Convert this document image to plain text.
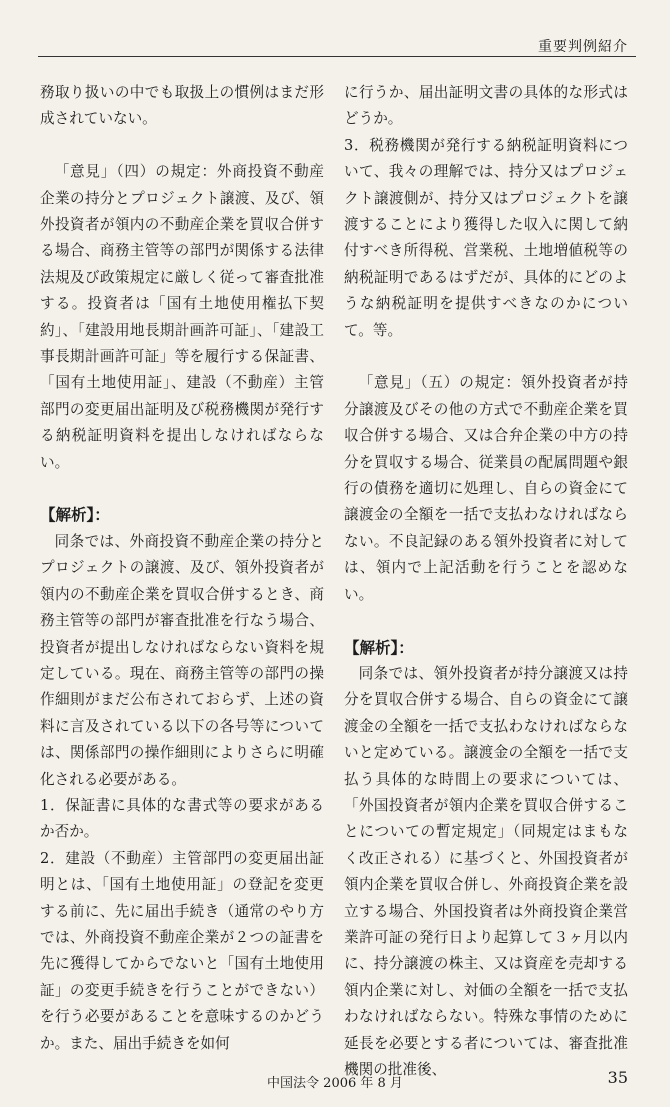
重要判例紹介

務取り扱いの中でも取扱上の慣例はまだ形成されていない。

「意見」（四）の規定：外商投資不動産企業の持分とプロジェクト譲渡、及び、領外投資者が領内の不動産企業を買収合併する場合、商務主管等の部門が関係する法律法規及び政策規定に厳しく従って審査批准する。投資者は「国有土地使用権払下契約」、「建設用地長期計画許可証」、「建設工事長期計画許可証」等を履行する保証書、「国有土地使用証」、建設（不動産）主管部門の変更届出証明及び税務機関が発行する納税証明資料を提出しなければならない。

【解析】：

同条では、外商投資不動産企業の持分とプロジェクトの譲渡、及び、領外投資者が領内の不動産企業を買収合併するとき、商務主管等の部門が審査批准を行なう場合、投資者が提出しなければならない資料を規定している。現在、商務主管等の部門の操作細則がまだ公布されておらず、上述の資料に言及されている以下の各号等については、関係部門の操作細則によりさらに明確化される必要がある。

1．保証書に具体的な書式等の要求があるか否か。

2．建設（不動産）主管部門の変更届出証明とは、「国有土地使用証」の登記を変更する前に、先に届出手続き（通常のやり方では、外商投資不動産企業が２つの証書を先に獲得してからでないと「国有土地使用証」の変更手続きを行うことができない）を行う必要があることを意味するのかどうか。また、届出手続きを如何

に行うか、届出証明文書の具体的な形式はどうか。

3．税務機関が発行する納税証明資料について、我々の理解では、持分又はプロジェクト譲渡側が、持分又はプロジェクトを譲渡することにより獲得した収入に関して納付すべき所得税、営業税、土地増値税等の納税証明であるはずだが、具体的にどのような納税証明を提供すべきなのかについて。等。

「意見」（五）の規定：領外投資者が持分譲渡及びその他の方式で不動産企業を買収合併する場合、又は合弁企業の中方の持分を買収する場合、従業員の配属問題や銀行の債務を適切に処理し、自らの資金にて譲渡金の全額を一括で支払わなければならない。不良記録のある領外投資者に対しては、領内で上記活動を行うことを認めない。

【解析】：

同条では、領外投資者が持分譲渡又は持分を買収合併する場合、自らの資金にて譲渡金の全額を一括で支払わなければならないと定めている。譲渡金の全額を一括で支払う具体的な時間上の要求については、「外国投資者が領内企業を買収合併することについての暫定規定」（同規定はまもなく改正される）に基づくと、外国投資者が領内企業を買収合併し、外商投資企業を設立する場合、外国投資者は外商投資企業営業許可証の発行日より起算して３ヶ月以内に、持分譲渡の株主、又は資産を売却する領内企業に対し、対価の全額を一括で支払わなければならない。特殊な事情のために延長を必要とする者については、審査批准機関の批准後、

中国法令 2006 年 8 月	35
